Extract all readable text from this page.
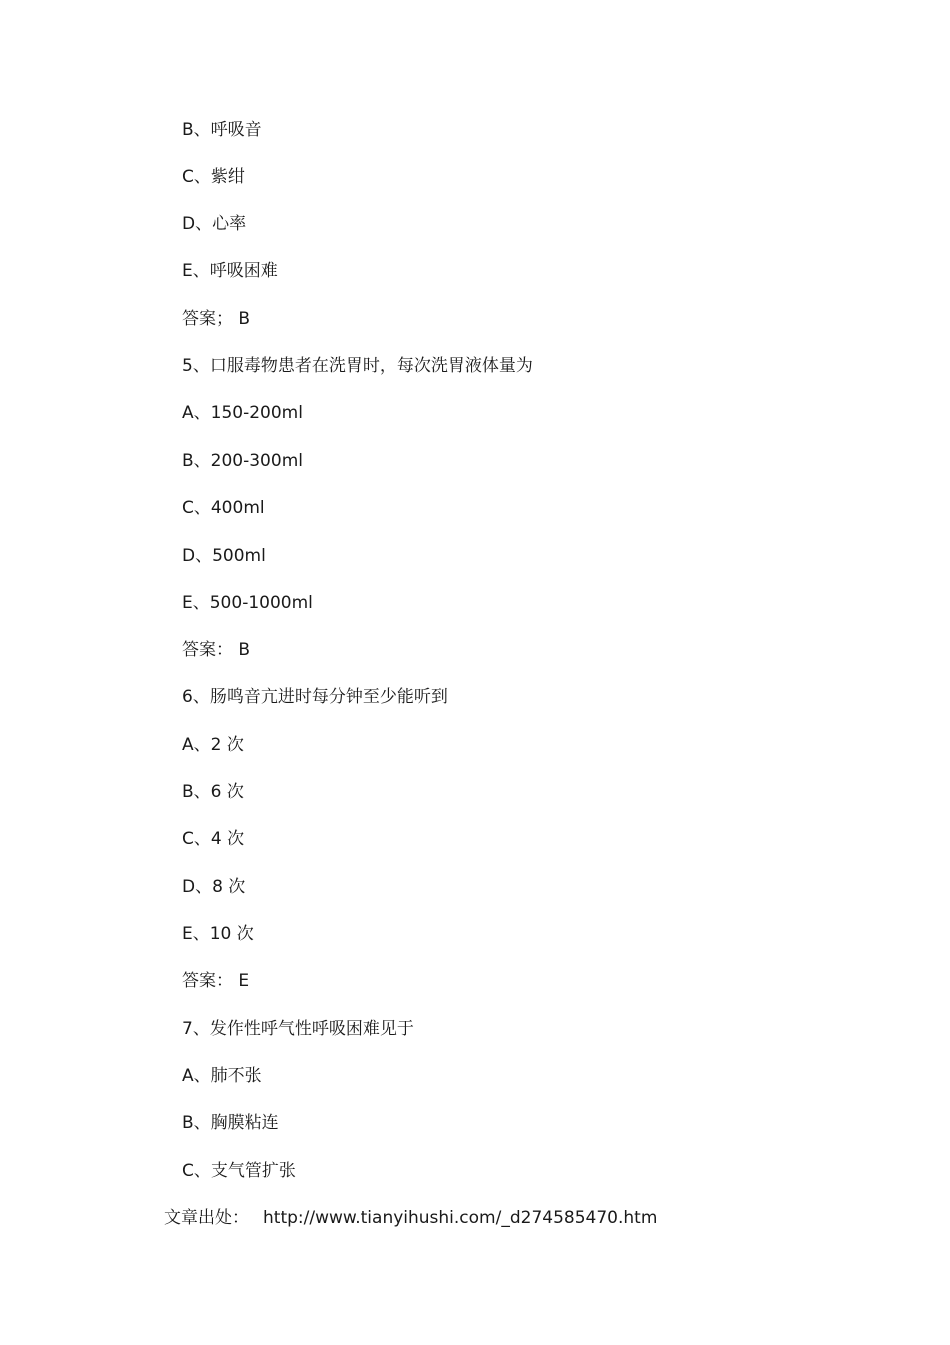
B、呼吸音
C、紫绀
D、心率
E、呼吸困难
答案； B
5、口服毒物患者在洗胃时，每次洗胃液体量为
A、150-200ml
B、200-300ml
C、400ml
D、500ml
E、500-1000ml
答案： B
6、肠鸣音亢进时每分钟至少能听到
A、2 次
B、6 次
C、4 次
D、8 次
E、10 次
答案： E
7、发作性呼气性呼吸困难见于
A、肺不张
B、胸膜粘连
C、支气管扩张
文章出处： http://www.tianyihushi.com/_d274585470.htm
